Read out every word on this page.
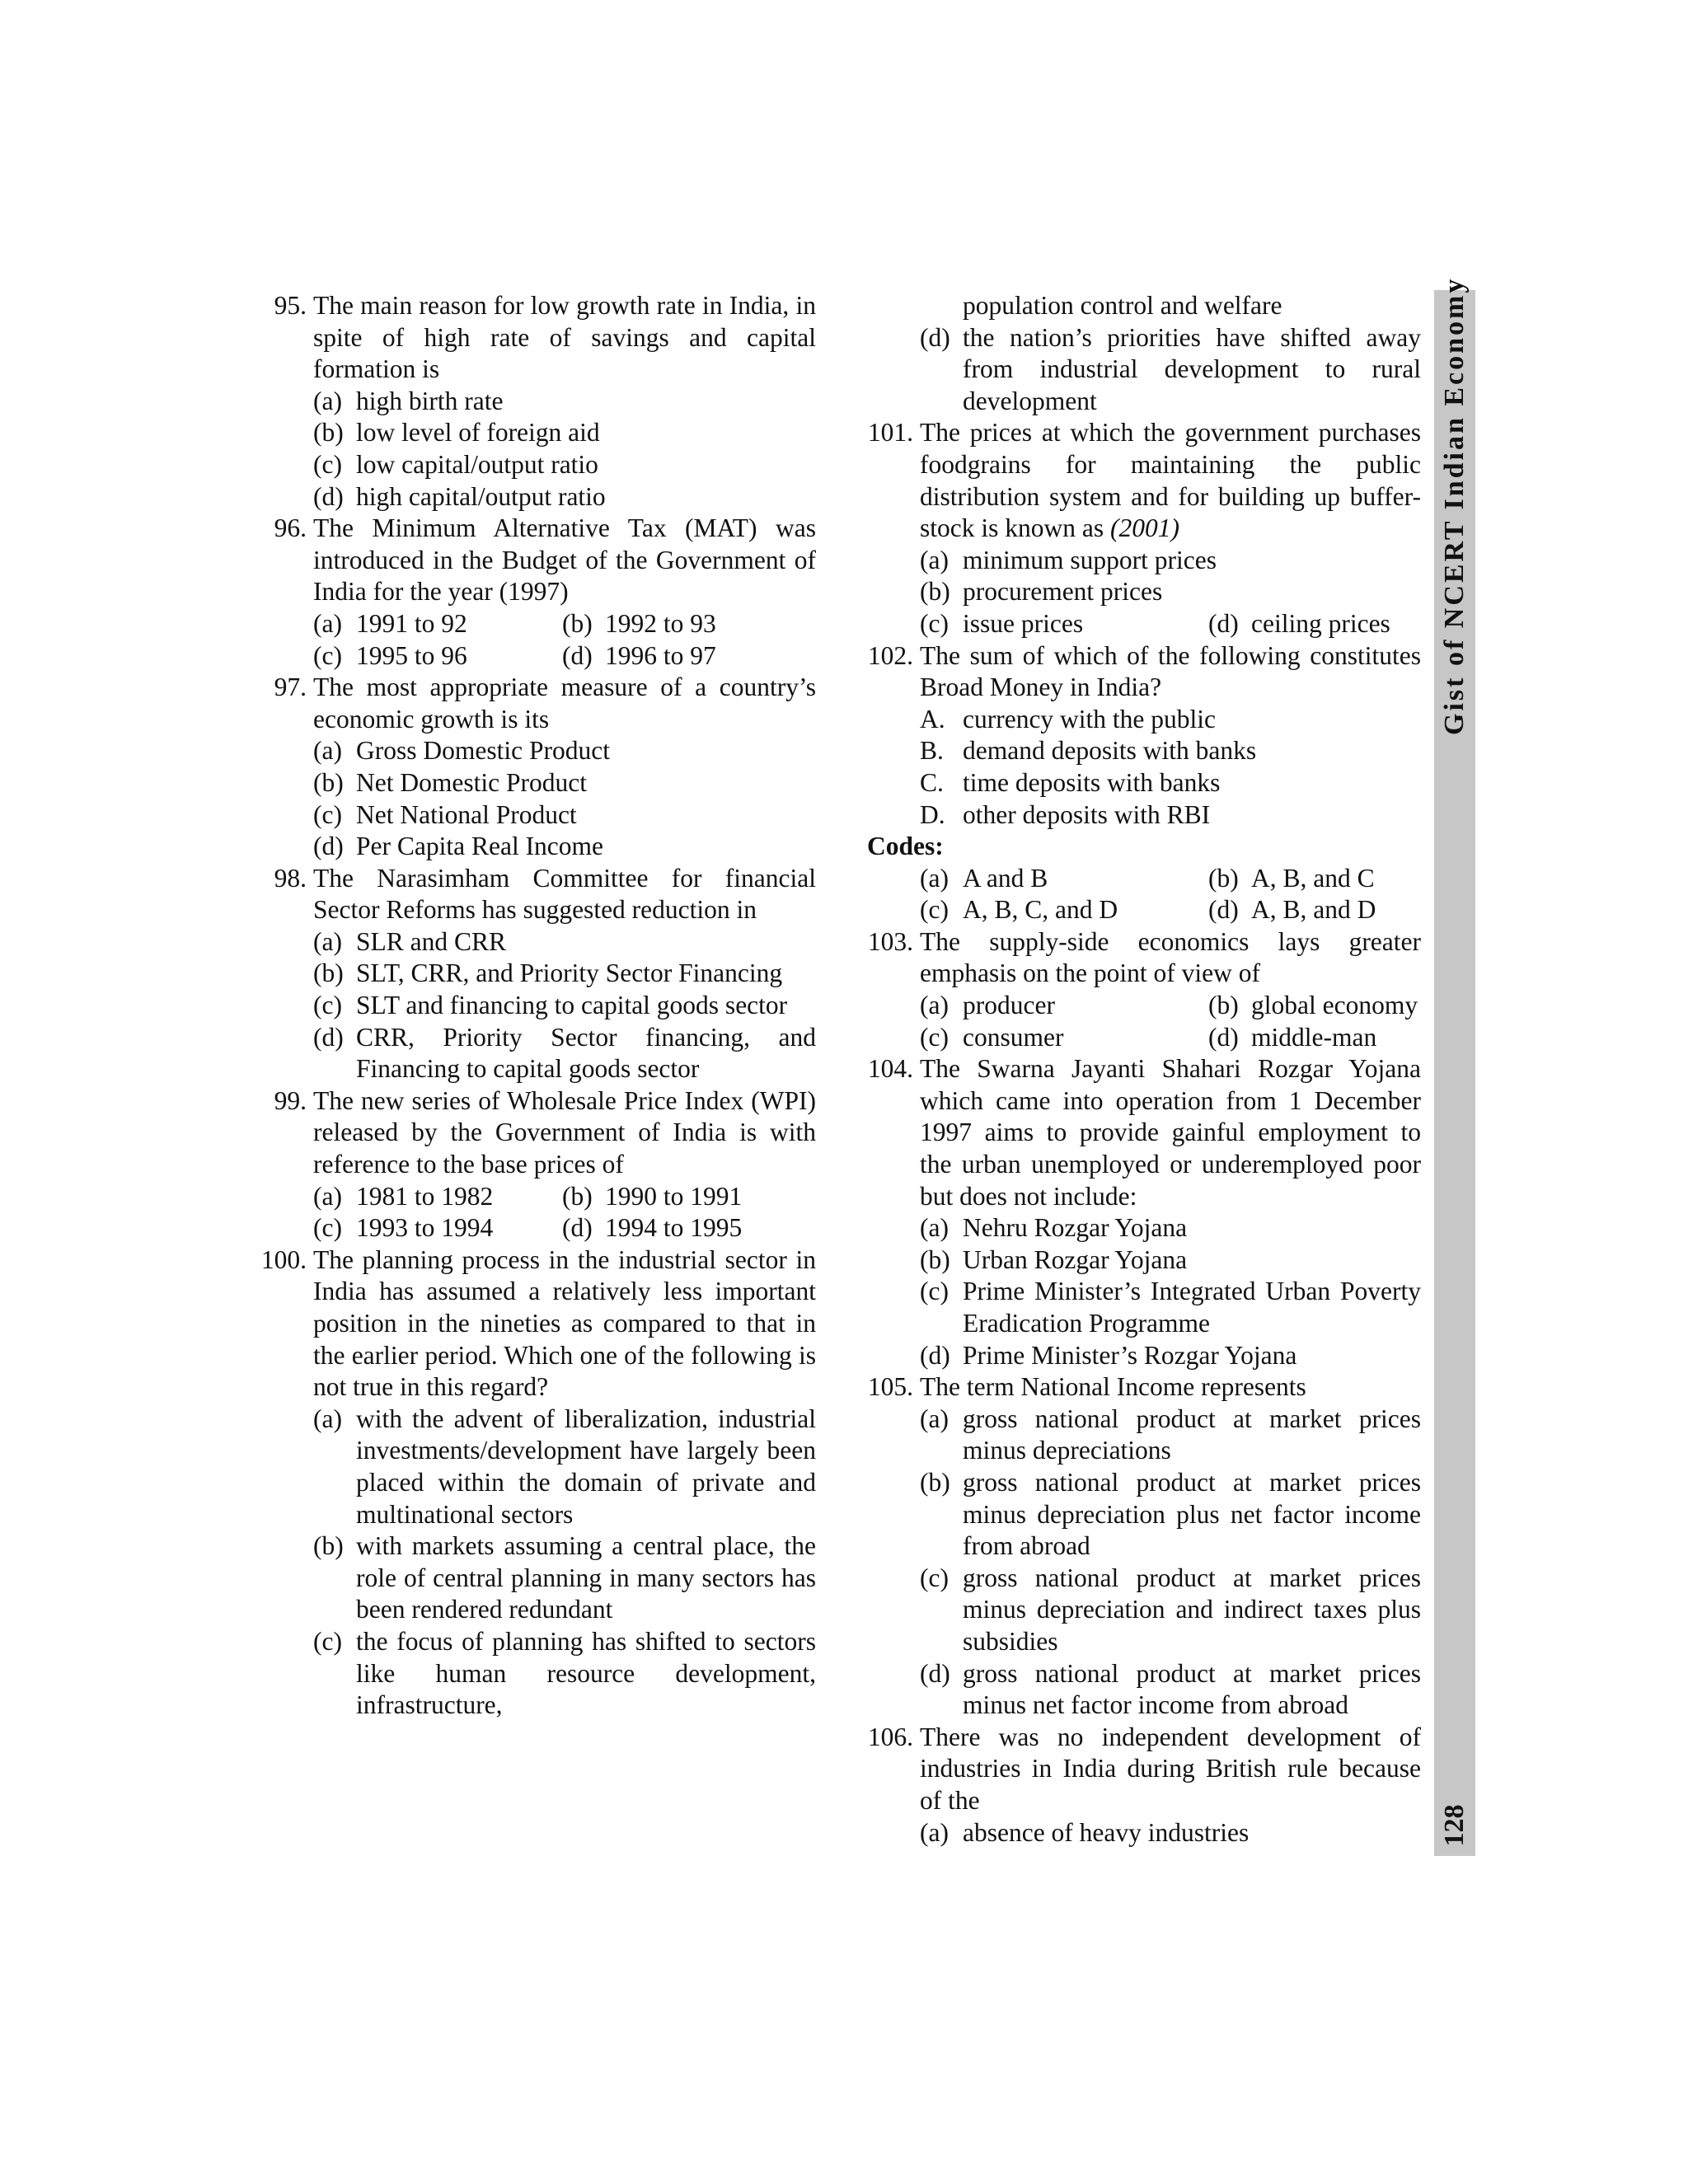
95. The main reason for low growth rate in India, in spite of high rate of savings and capital formation is
(a) high birth rate
(b) low level of foreign aid
(c) low capital/output ratio
(d) high capital/output ratio
96. The Minimum Alternative Tax (MAT) was introduced in the Budget of the Government of India for the year (1997)
(a) 1991 to 92	(b) 1992 to 93
(c) 1995 to 96	(d) 1996 to 97
97. The most appropriate measure of a country’s economic growth is its
(a) Gross Domestic Product
(b) Net Domestic Product
(c) Net National Product
(d) Per Capita Real Income
98. The Narasimham Committee for financial Sector Reforms has suggested reduction in
(a) SLR and CRR
(b) SLT, CRR, and Priority Sector Financing
(c) SLT and financing to capital goods sector
(d) CRR, Priority Sector financing, and Financing to capital goods sector
99. The new series of Wholesale Price Index (WPI) released by the Government of India is with reference to the base prices of
(a) 1981 to 1982	(b) 1990 to 1991
(c) 1993 to 1994	(d) 1994 to 1995
100. The planning process in the industrial sector in India has assumed a relatively less important position in the nineties as compared to that in the earlier period. Which one of the following is not true in this regard?
(a) with the advent of liberalization, industrial investments/development have largely been placed within the domain of private and multinational sectors
(b) with markets assuming a central place, the role of central planning in many sectors has been rendered redundant
(c) the focus of planning has shifted to sectors like human resource development, infrastructure,
population control and welfare
(d) the nation’s priorities have shifted away from industrial development to rural development
101. The prices at which the government purchases foodgrains for maintaining the public distribution system and for building up buffer-stock is known as (2001)
(a) minimum support prices
(b) procurement prices
(c) issue prices	(d) ceiling prices
102. The sum of which of the following constitutes Broad Money in India?
A. currency with the public
B. demand deposits with banks
C. time deposits with banks
D. other deposits with RBI
Codes:
(a) A and B	(b) A, B, and C
(c) A, B, C, and D	(d) A, B, and D
103. The supply-side economics lays greater emphasis on the point of view of
(a) producer	(b) global economy
(c) consumer	(d) middle-man
104. The Swarna Jayanti Shahari Rozgar Yojana which came into operation from 1 December 1997 aims to provide gainful employment to the urban unemployed or underemployed poor but does not include:
(a) Nehru Rozgar Yojana
(b) Urban Rozgar Yojana
(c) Prime Minister’s Integrated Urban Poverty Eradication Programme
(d) Prime Minister’s Rozgar Yojana
105. The term National Income represents
(a) gross national product at market prices minus depreciations
(b) gross national product at market prices minus depreciation plus net factor income from abroad
(c) gross national product at market prices minus depreciation and indirect taxes plus subsidies
(d) gross national product at market prices minus net factor income from abroad
106. There was no independent development of industries in India during British rule because of the
(a) absence of heavy industries
Gist of NCERT Indian Economy
128
